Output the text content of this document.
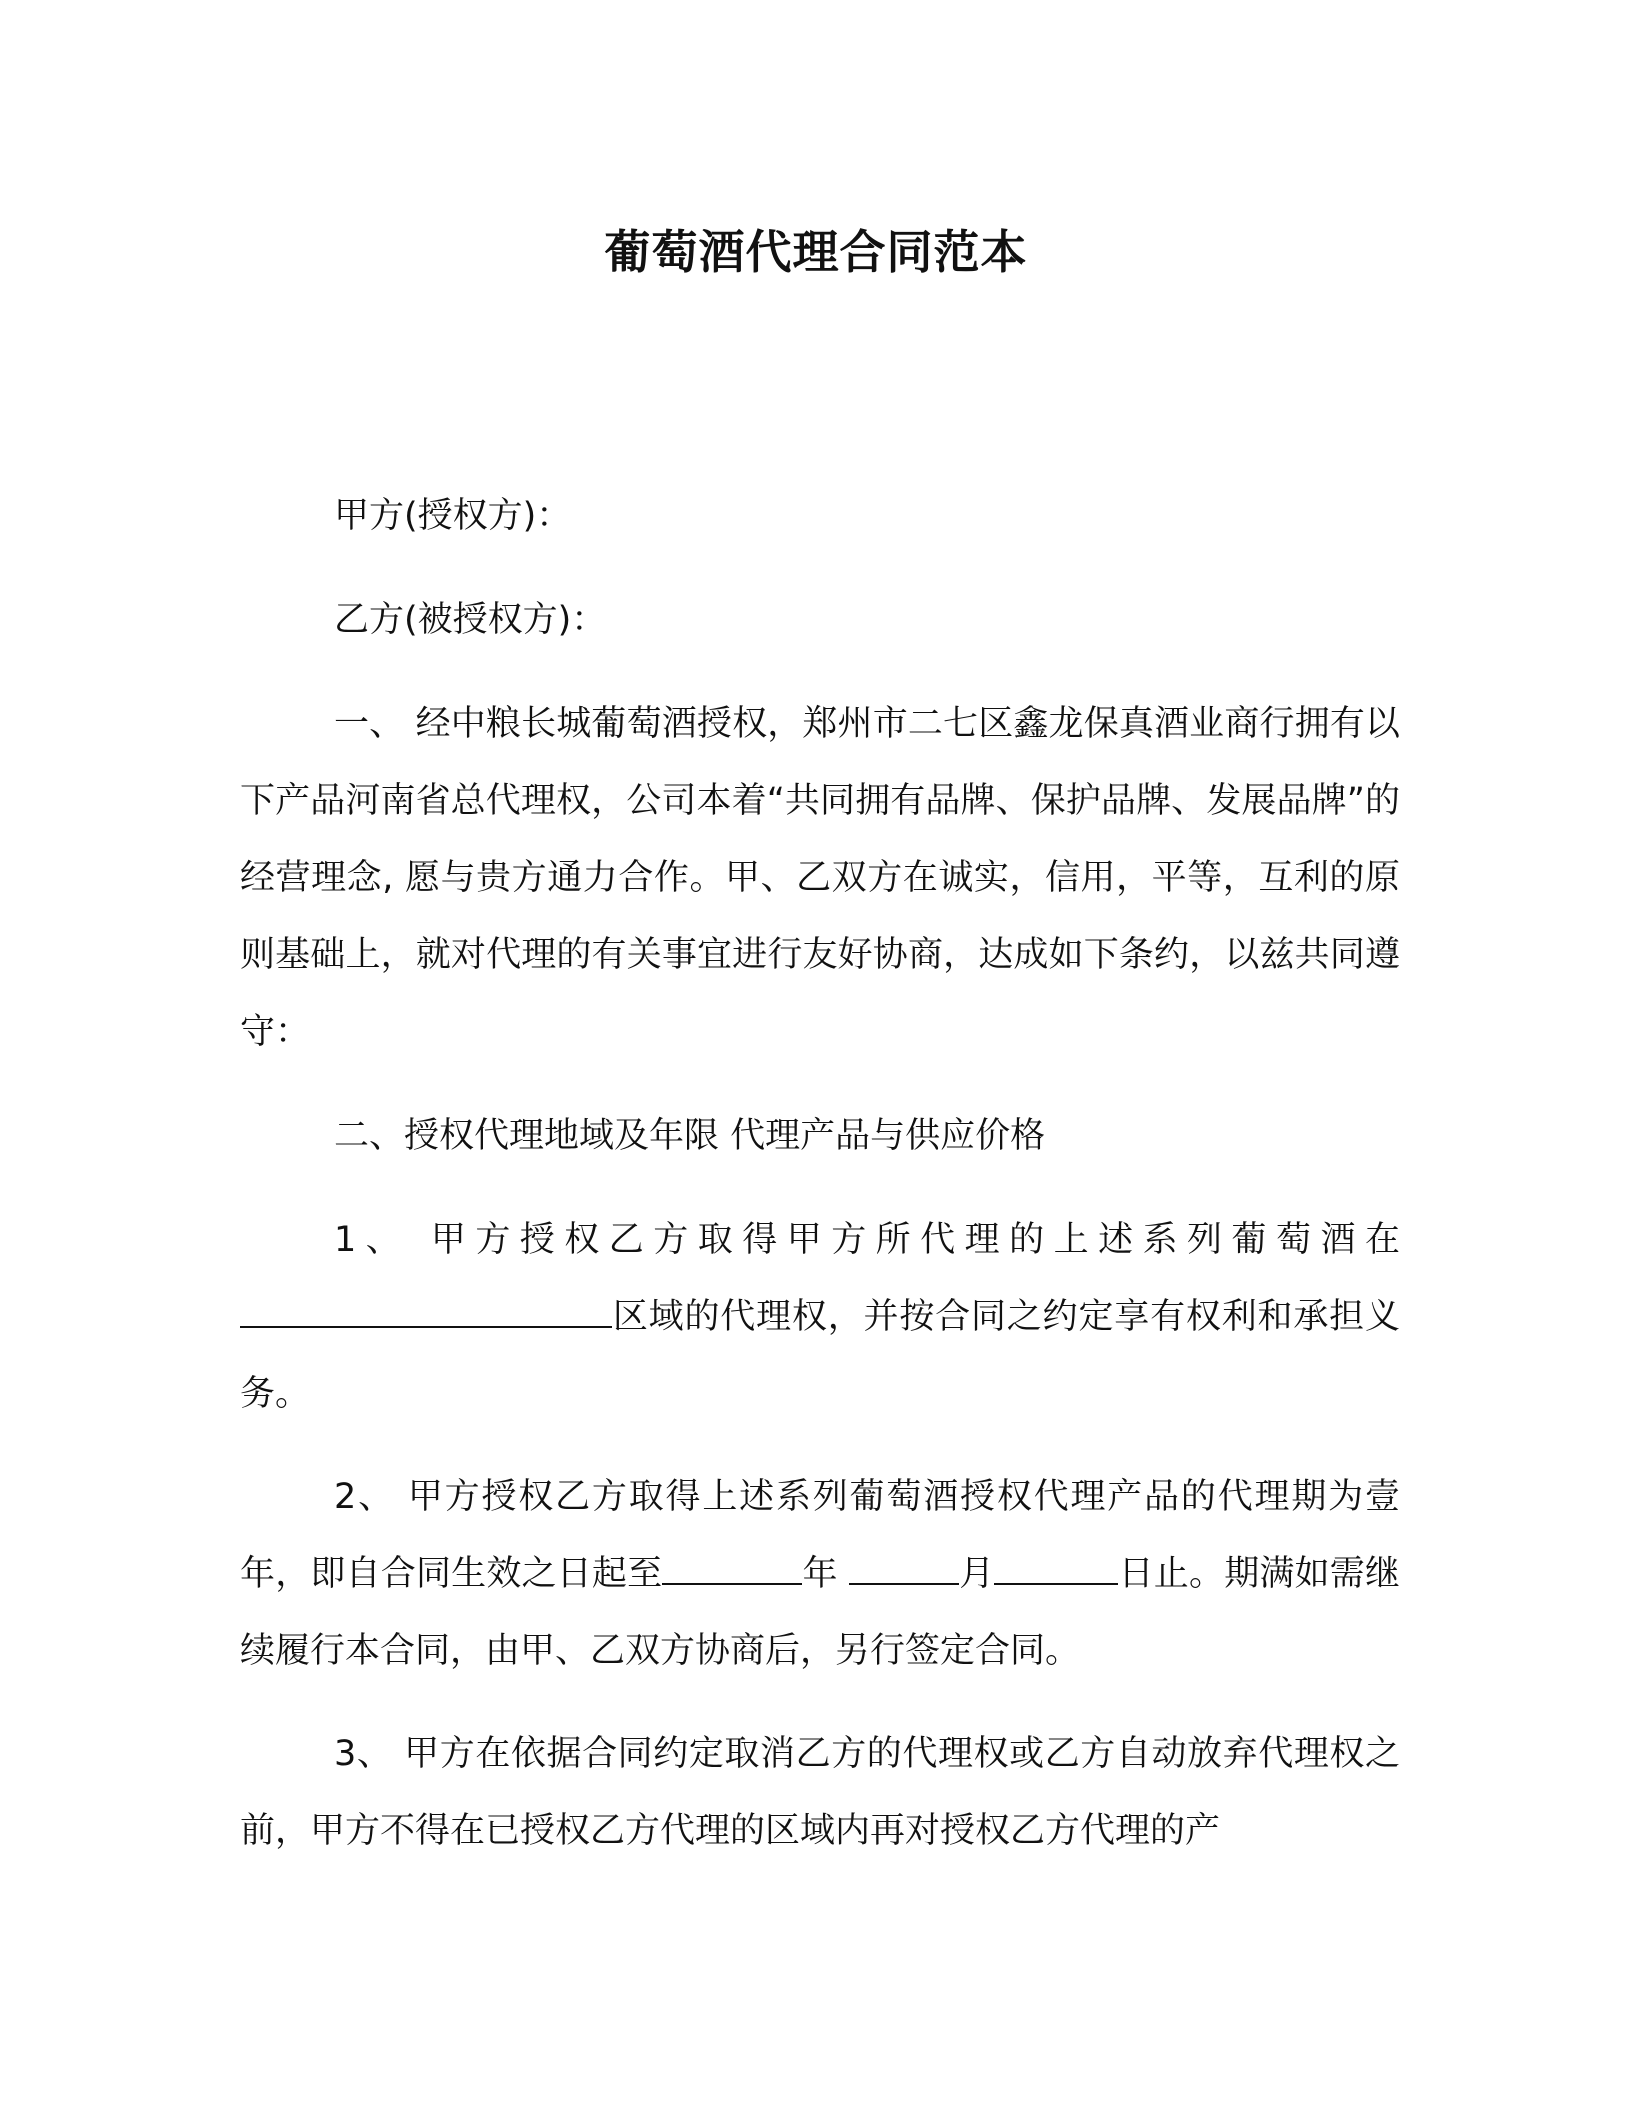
葡萄酒代理合同范本

甲方(授权方)：

乙方(被授权方)：

一、 经中粮长城葡萄酒授权，郑州市二七区鑫龙保真酒业商行拥有以下产品河南省总代理权，公司本着“共同拥有品牌、保护品牌、发展品牌”的经营理念, 愿与贵方通力合作。甲、乙双方在诚实，信用，平等，互利的原则基础上，就对代理的有关事宜进行友好协商，达成如下条约，以兹共同遵守：

二、授权代理地域及年限 代理产品与供应价格

1、 甲方授权乙方取得甲方所代理的上述系列葡萄酒在区域的代理权，并按合同之约定享有权利和承担义务。

2、 甲方授权乙方取得上述系列葡萄酒授权代理产品的代理期为壹年，即自合同生效之日起至	年	月	日止。期满如需继续履行本合同，由甲、乙双方协商后，另行签定合同。

3、 甲方在依据合同约定取消乙方的代理权或乙方自动放弃代理权之前，甲方不得在已授权乙方代理的区域内再对授权乙方代理的产
